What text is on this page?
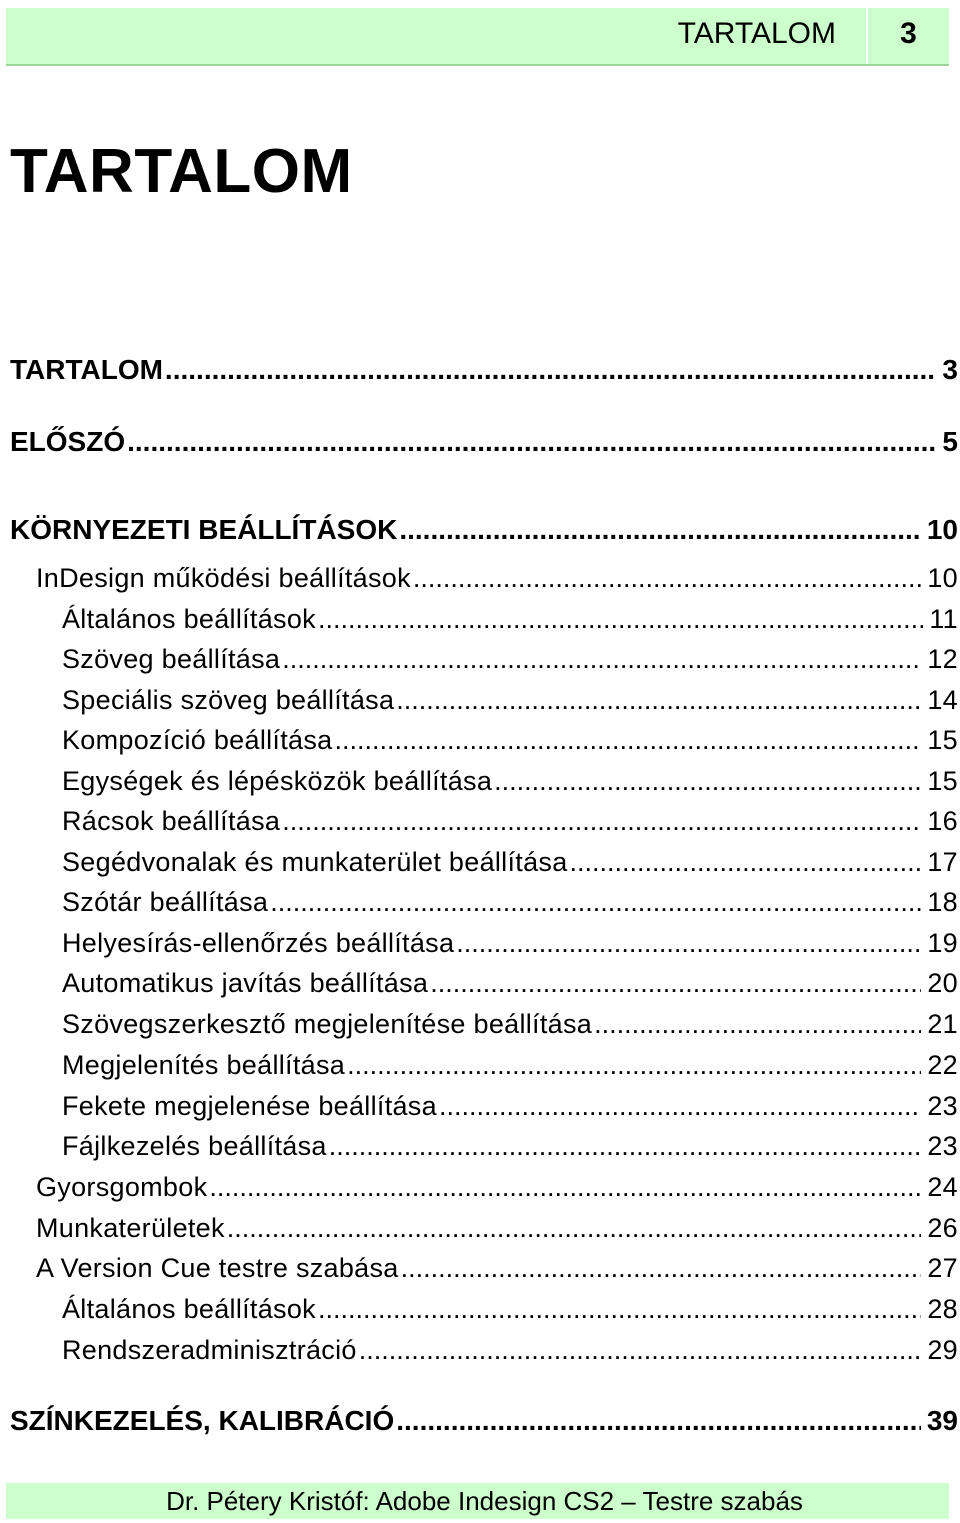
TARTALOM	3
TARTALOM
TARTALOM .....	3
ELŐSZÓ .....	5
KÖRNYEZETI BEÁLLÍTÁSOK .....	10
InDesign működési beállítások .....	10
Általános beállítások .....	11
Szöveg beállítása .....	12
Speciális szöveg beállítása .....	14
Kompozíció beállítása .....	15
Egységek és lépésközök beállítása .....	15
Rácsok beállítása .....	16
Segédvonalak és munkaterület beállítása .....	17
Szótár beállítása .....	18
Helyesírás-ellenőrzés beállítása .....	19
Automatikus javítás beállítása .....	20
Szövegszerkesztő megjelenítése beállítása .....	21
Megjelenítés beállítása .....	22
Fekete megjelenése beállítása .....	23
Fájlkezelés beállítása .....	23
Gyorsgombok .....	24
Munkaterületek .....	26
A Version Cue testre szabása .....	27
Általános beállítások .....	28
Rendszeradminisztráció .....	29
SZÍNKEZELÉS, KALIBRÁCIÓ .....	39
Dr. Pétery Kristóf: Adobe Indesign CS2 – Testre szabás
